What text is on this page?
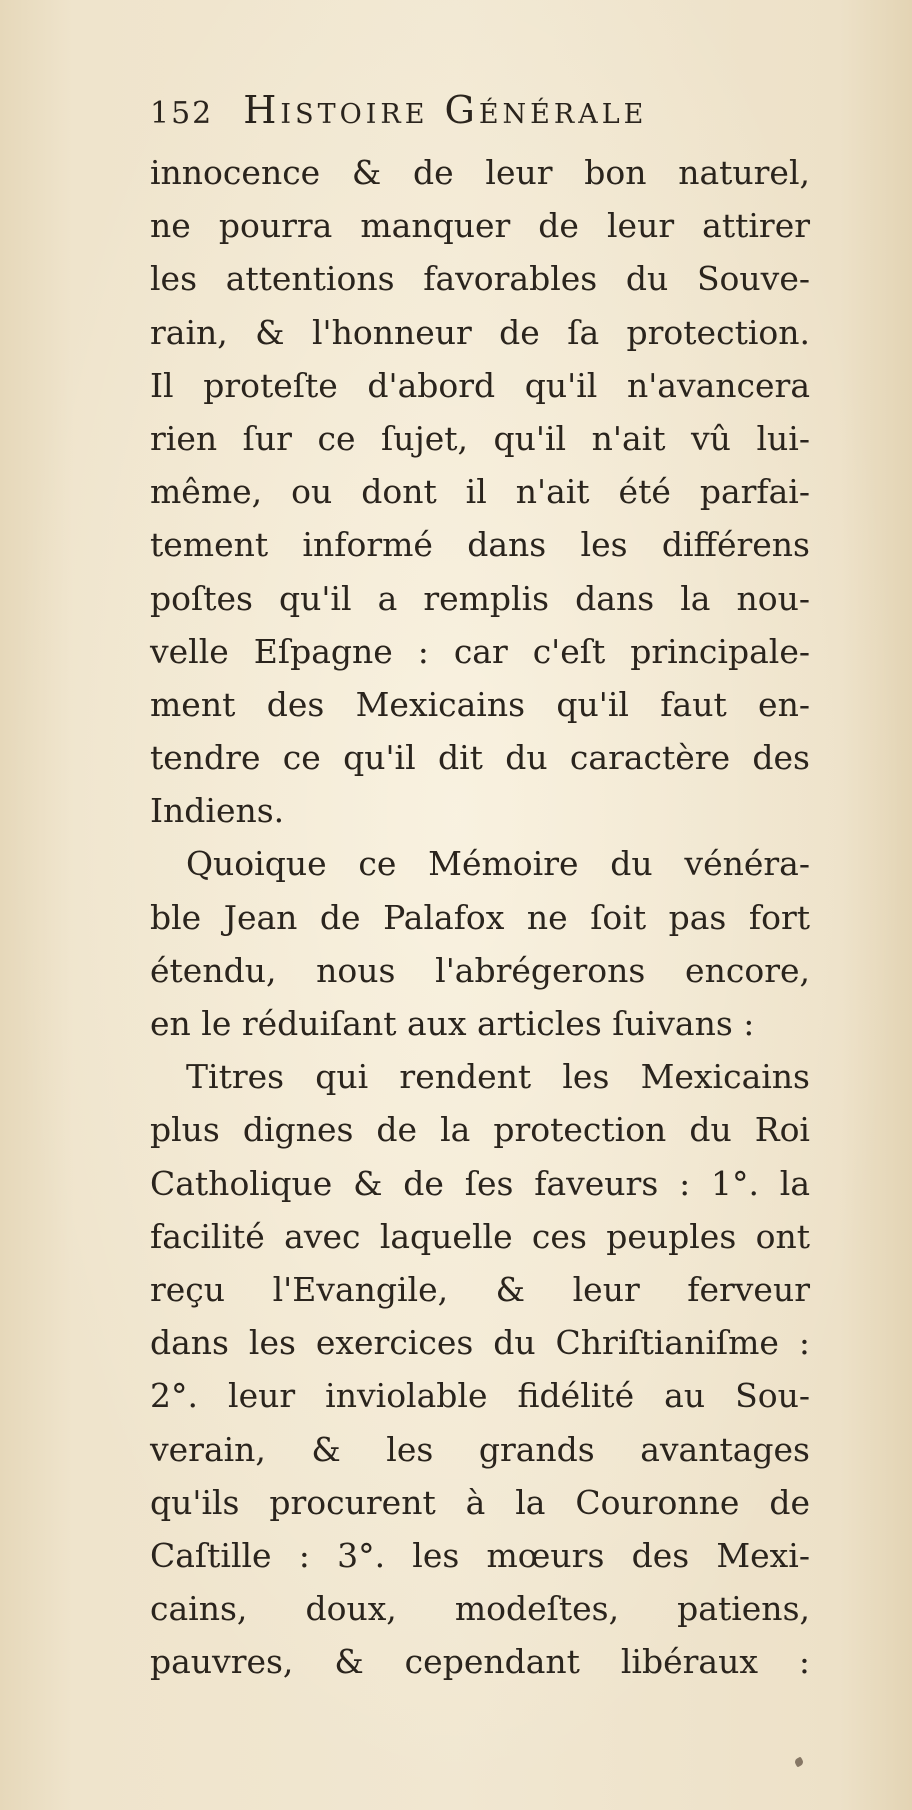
152 Histoire Générale
innocence & de leur bon naturel,
ne pourra manquer de leur attirer
les attentions favorables du Souve-
rain, & l'honneur de ſa protection.
Il proteſte d'abord qu'il n'avancera
rien ſur ce ſujet, qu'il n'ait vû lui-
même, ou dont il n'ait été parfai-
tement informé dans les différens
poſtes qu'il a remplis dans la nou-
velle Eſpagne : car c'eſt principale-
ment des Mexicains qu'il faut en-
tendre ce qu'il dit du caractère des
Indiens.
Quoique ce Mémoire du vénéra-
ble Jean de Palafox ne ſoit pas fort
étendu, nous l'abrégerons encore,
en le réduiſant aux articles ſuivans :
Titres qui rendent les Mexicains
plus dignes de la protection du Roi
Catholique & de ſes faveurs : 1°. la
facilité avec laquelle ces peuples ont
reçu l'Evangile, & leur ferveur
dans les exercices du Chriſtianiſme :
2°. leur inviolable fidélité au Sou-
verain, & les grands avantages
qu'ils procurent à la Couronne de
Caſtille : 3°. les mœurs des Mexi-
cains, doux, modeſtes, patiens,
pauvres, & cependant libéraux :
